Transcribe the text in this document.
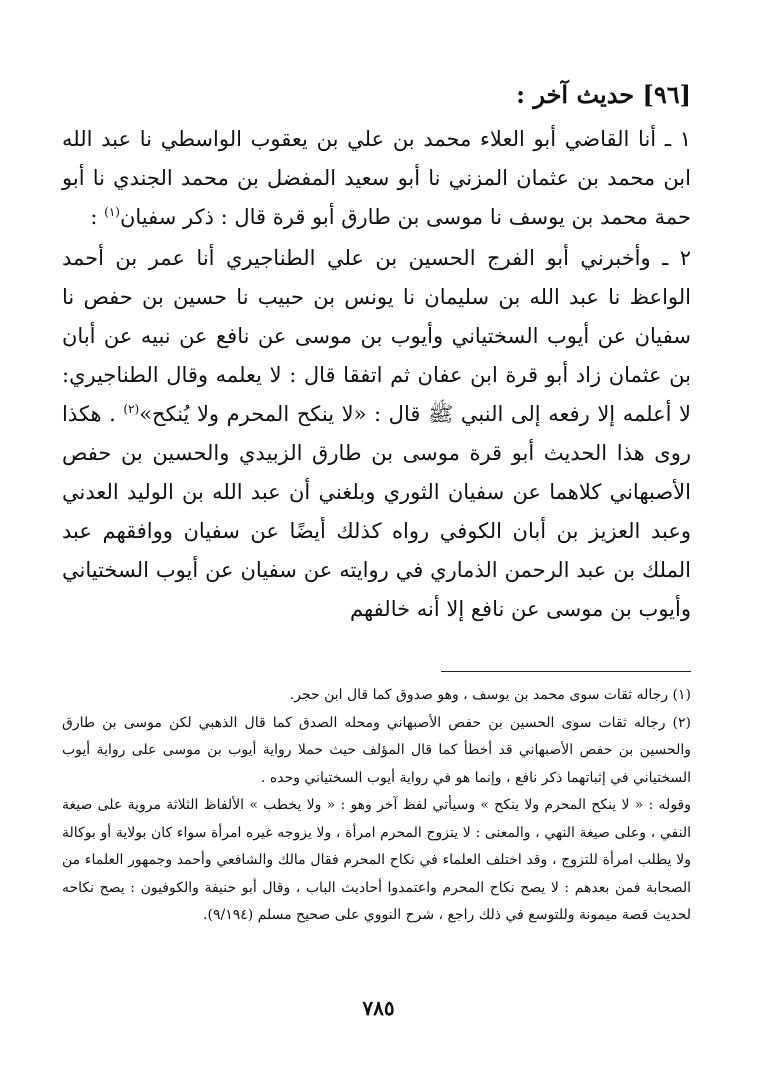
[٩٦] حديث آخر :

١ ـ أنا القاضي أبو العلاء محمد بن علي بن يعقوب الواسطي نا عبد الله ابن محمد بن عثمان المزني نا أبو سعيد المفضل بن محمد الجندي نا أبو حمة محمد بن يوسف نا موسى بن طارق أبو قرة قال : ذكر سفيان$^{(١)}$ :

٢ ـ وأخبرني أبو الفرج الحسين بن علي الطناجيري أنا عمر بن أحمد الواعظ نا عبد الله بن سليمان نا يونس بن حبيب نا حسين بن حفص نا سفيان عن أيوب السختياني وأيوب بن موسى عن نافع عن نبيه عن أبان بن عثمان زاد أبو قرة ابن عفان ثم اتفقا قال : لا يعلمه وقال الطناجيري: لا أعلمه إلا رفعه إلى النبي ﷺ قال : «لا ينكح المحرم ولا يُنكح»$^{(٢)}$ . هكذا روى هذا الحديث أبو قرة موسى بن طارق الزبيدي والحسين بن حفص الأصبهاني كلاهما عن سفيان الثوري وبلغني أن عبد الله بن الوليد العدني وعبد العزيز بن أبان الكوفي رواه كذلك أيضًا عن سفيان ووافقهم عبد الملك بن عبد الرحمن الذماري في روايته عن سفيان عن أيوب السختياني وأيوب بن موسى عن نافع إلا أنه خالفهم

(١) رجاله ثقات سوى محمد بن يوسف ، وهو صدوق كما قال ابن حجر.

(٢) رجاله ثقات سوى الحسين بن حفص الأصبهاني ومحله الصدق كما قال الذهبي لكن موسى بن طارق والحسين بن حفص الأصبهاني قد أخطأ كما قال المؤلف حيث حملا رواية أيوب بن موسى على رواية أيوب السختياني في إثباتهما ذكر نافع ، وإنما هو في رواية أيوب السختياني وحده .

وقوله : « لا ينكح المحرم ولا ينكح » وسيأتي لفظ آخر وهو : « ولا يخطب » الألفاظ الثلاثة مروية على صيغة النفي ، وعلى صيغة النهي ، والمعنى : لا يتزوج المحرم امرأة ، ولا يزوجه غيره امرأة سواء كان بولاية أو بوكالة ولا يطلب امرأة للتزوج ، وقد اختلف العلماء في نكاح المحرم فقال مالك والشافعي وأحمد وجمهور العلماء من الصحابة فمن بعدهم : لا يصح نكاح المحرم واعتمدوا أحاديث الباب ، وقال أبو حنيفة والكوفيون : يصح نكاحه لحديث قصة ميمونة وللتوسع في ذلك راجع ، شرح النووي على صحيح مسلم (٩/١٩٤).

٧٨٥
